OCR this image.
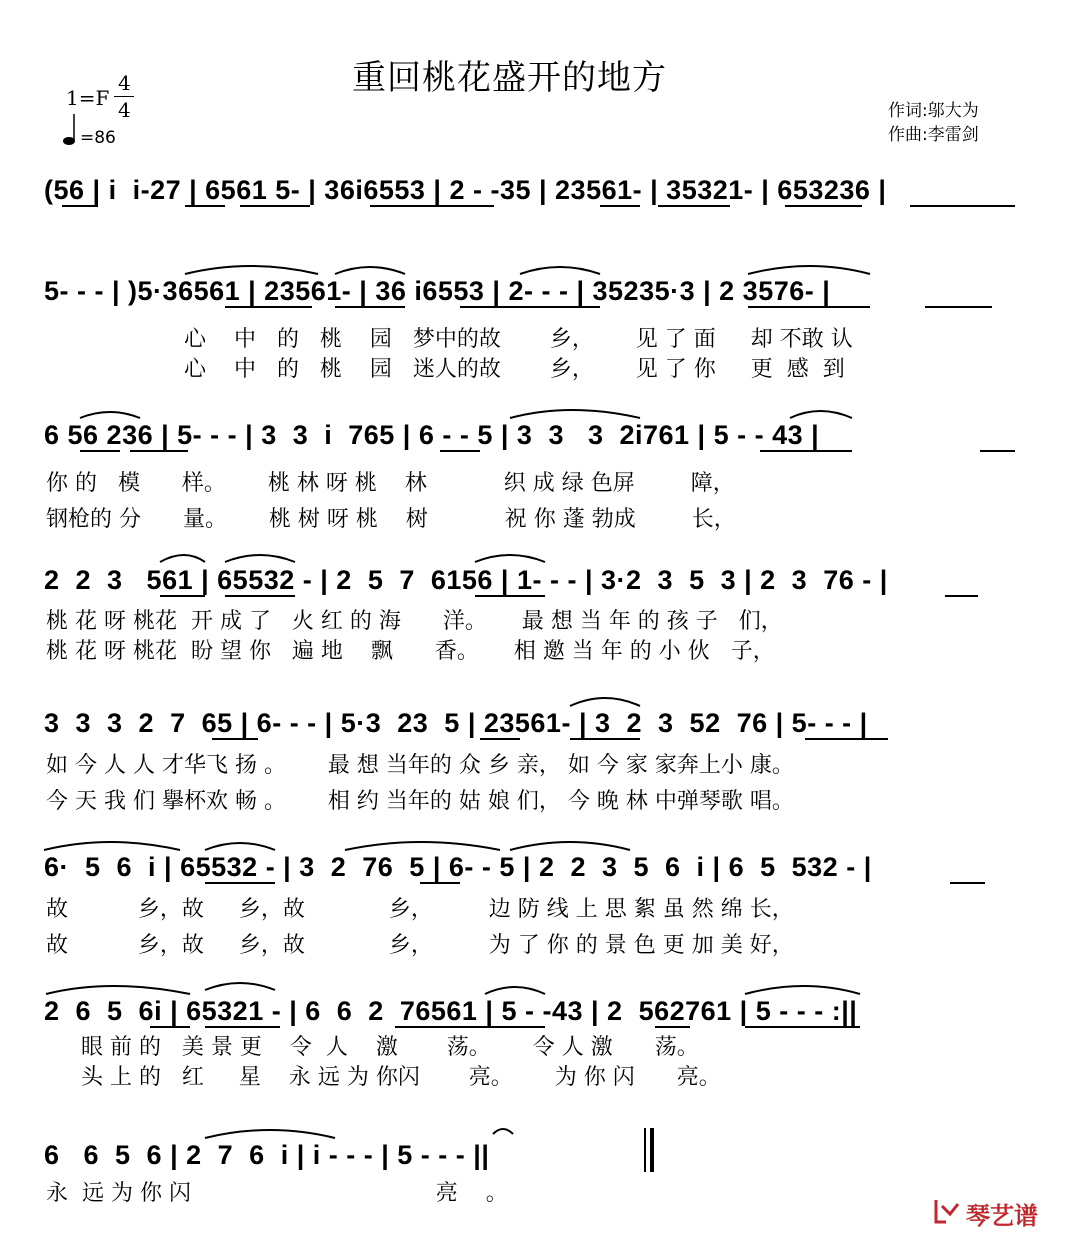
重回桃花盛开的地方
1=F
4
4
=86
作词:邬大为
作曲:李雷剑
(56 | i  i-27 | 6561 5- | 36i6553 | 2 - -35 | 23561- | 35321- | 653236 |
5- - - | )5·36561 | 23561- | 36 i6553 | 2- - - | 35235·3 | 2 3576- |
心    中   的   桃    园   梦中的故       乡，      见 了 面     却 不敢 认
心    中   的   桃    园   迷人的故       乡，      见 了 你     更  感  到
6 56 236 | 5- - - | 3  3  i  765 | 6 - - 5 | 3  3   3  2i761 | 5 - - 43 |
你 的   模      样。      桃 林 呀 桃    林           织 成 绿 色屏        障，
钢枪的 分      量。      桃 树 呀 桃    树           祝 你 蓬 勃成        长，
2  2  3   561 | 65532 - | 2  5  7  6156 | 1- - - | 3·2  3  5  3 | 2  3  76 - |
桃 花 呀 桃花  开 成 了   火 红 的 海      洋。     最 想 当 年 的 孩 子   们，
桃 花 呀 桃花  盼 望 你   遍 地    飘      香。     相 邀 当 年 的 小 伙   子，
3  3  3  2  7  65 | 6- - - | 5·3  23  5 | 23561- | 3  2  3  52  76 | 5- - - |
如 今 人 人 才华飞 扬 。      最 想 当年的 众 乡 亲， 如 今 家 家奔上小 康。
今 天 我 们 擧杯欢 畅 。      相 约 当年的 姑 娘 们， 今 晚 林 中弹琴歌 唱。
6·  5  6  i | 65532 - | 3  2  76  5 | 6- - 5 | 2  2  3  5  6  i | 6  5  532 - |
故          乡，故     乡，故            乡，        边 防 线 上 思 絮 虽 然 绵 长，
故          乡，故     乡，故            乡，        为 了 你 的 景 色 更 加 美 好，
2  6  5  6i | 65321 - | 6  6  2  76561 | 5 - -43 | 2  562761 | 5 - - - :||
眼 前 的   美 景 更    令  人    激       荡。      令 人 激      荡。
头 上 的   红     星    永 远 为 你闪       亮。      为 你 闪      亮。
6   6  5  6 | 2  7  6  i | i - - - | 5 - - - ||
永  远 为 你 闪                                   亮    。
琴艺谱
